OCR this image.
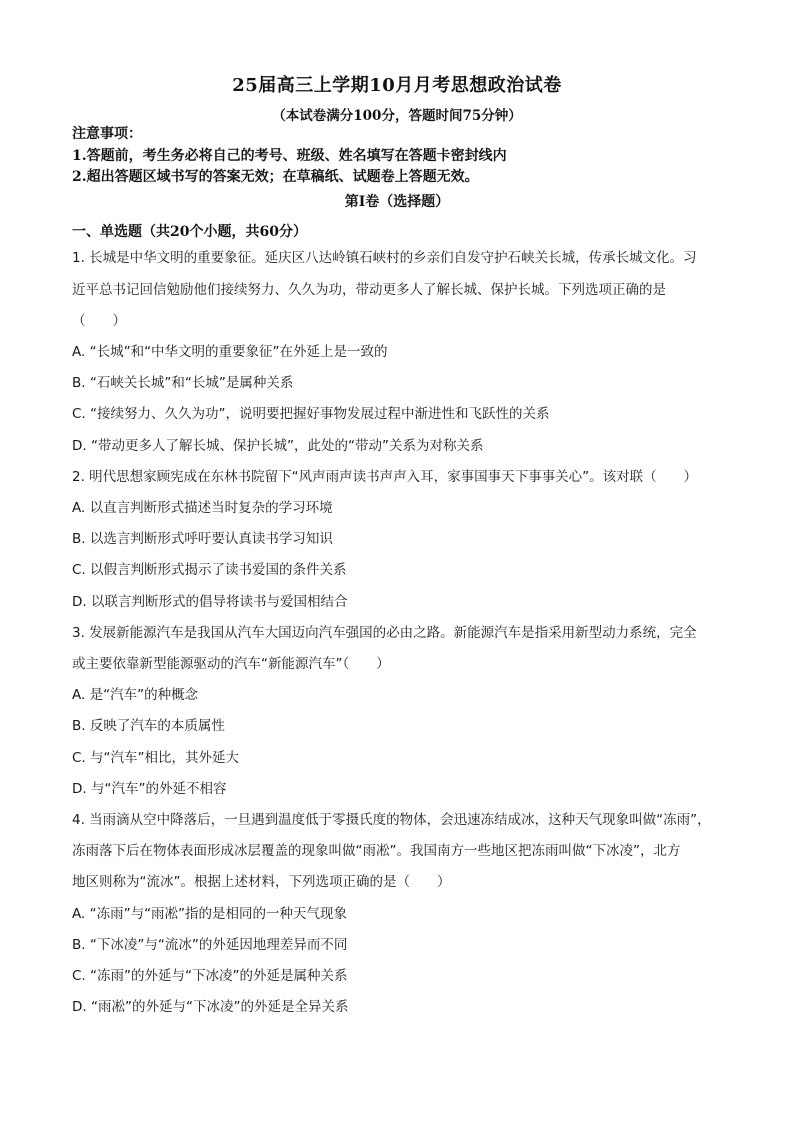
25届高三上学期10月月考思想政治试卷
（本试卷满分100分，答题时间75分钟）
注意事项：
1.答题前，考生务必将自己的考号、班级、姓名填写在答题卡密封线内
2.超出答题区域书写的答案无效；在草稿纸、试题卷上答题无效。
第Ⅰ卷（选择题）
一、单选题（共20个小题，共60分）
1. 长城是中华文明的重要象征。延庆区八达岭镇石峡村的乡亲们自发守护石峡关长城，传承长城文化。习
近平总书记回信勉励他们接续努力、久久为功，带动更多人了解长城、保护长城。下列选项正确的是
（　　）
A. “长城”和“中华文明的重要象征”在外延上是一致的
B. “石峡关长城”和“长城”是属种关系
C. “接续努力、久久为功”，说明要把握好事物发展过程中渐进性和飞跃性的关系
D. “带动更多人了解长城、保护长城”，此处的“带动”关系为对称关系
2. 明代思想家顾宪成在东林书院留下“风声雨声读书声声入耳，家事国事天下事事关心”。该对联（　　）
A. 以直言判断形式描述当时复杂的学习环境
B. 以选言判断形式呼吁要认真读书学习知识
C. 以假言判断形式揭示了读书爱国的条件关系
D. 以联言判断形式的倡导将读书与爱国相结合
3. 发展新能源汽车是我国从汽车大国迈向汽车强国的必由之路。新能源汽车是指采用新型动力系统，完全
或主要依靠新型能源驱动的汽车“新能源汽车”（　　）
A. 是“汽车”的种概念
B. 反映了汽车的本质属性
C. 与“汽车”相比，其外延大
D. 与“汽车”的外延不相容
4. 当雨滴从空中降落后，一旦遇到温度低于零摄氏度的物体，会迅速冻结成冰，这种天气现象叫做“冻雨”，
冻雨落下后在物体表面形成冰层覆盖的现象叫做“雨凇”。我国南方一些地区把冻雨叫做“下冰凌”，北方
地区则称为“流冰”。根据上述材料，下列选项正确的是（　　）
A. “冻雨”与“雨凇”指的是相同的一种天气现象
B. “下冰凌”与“流冰”的外延因地理差异而不同
C. “冻雨”的外延与“下冰凌”的外延是属种关系
D. “雨凇”的外延与“下冰凌”的外延是全异关系
